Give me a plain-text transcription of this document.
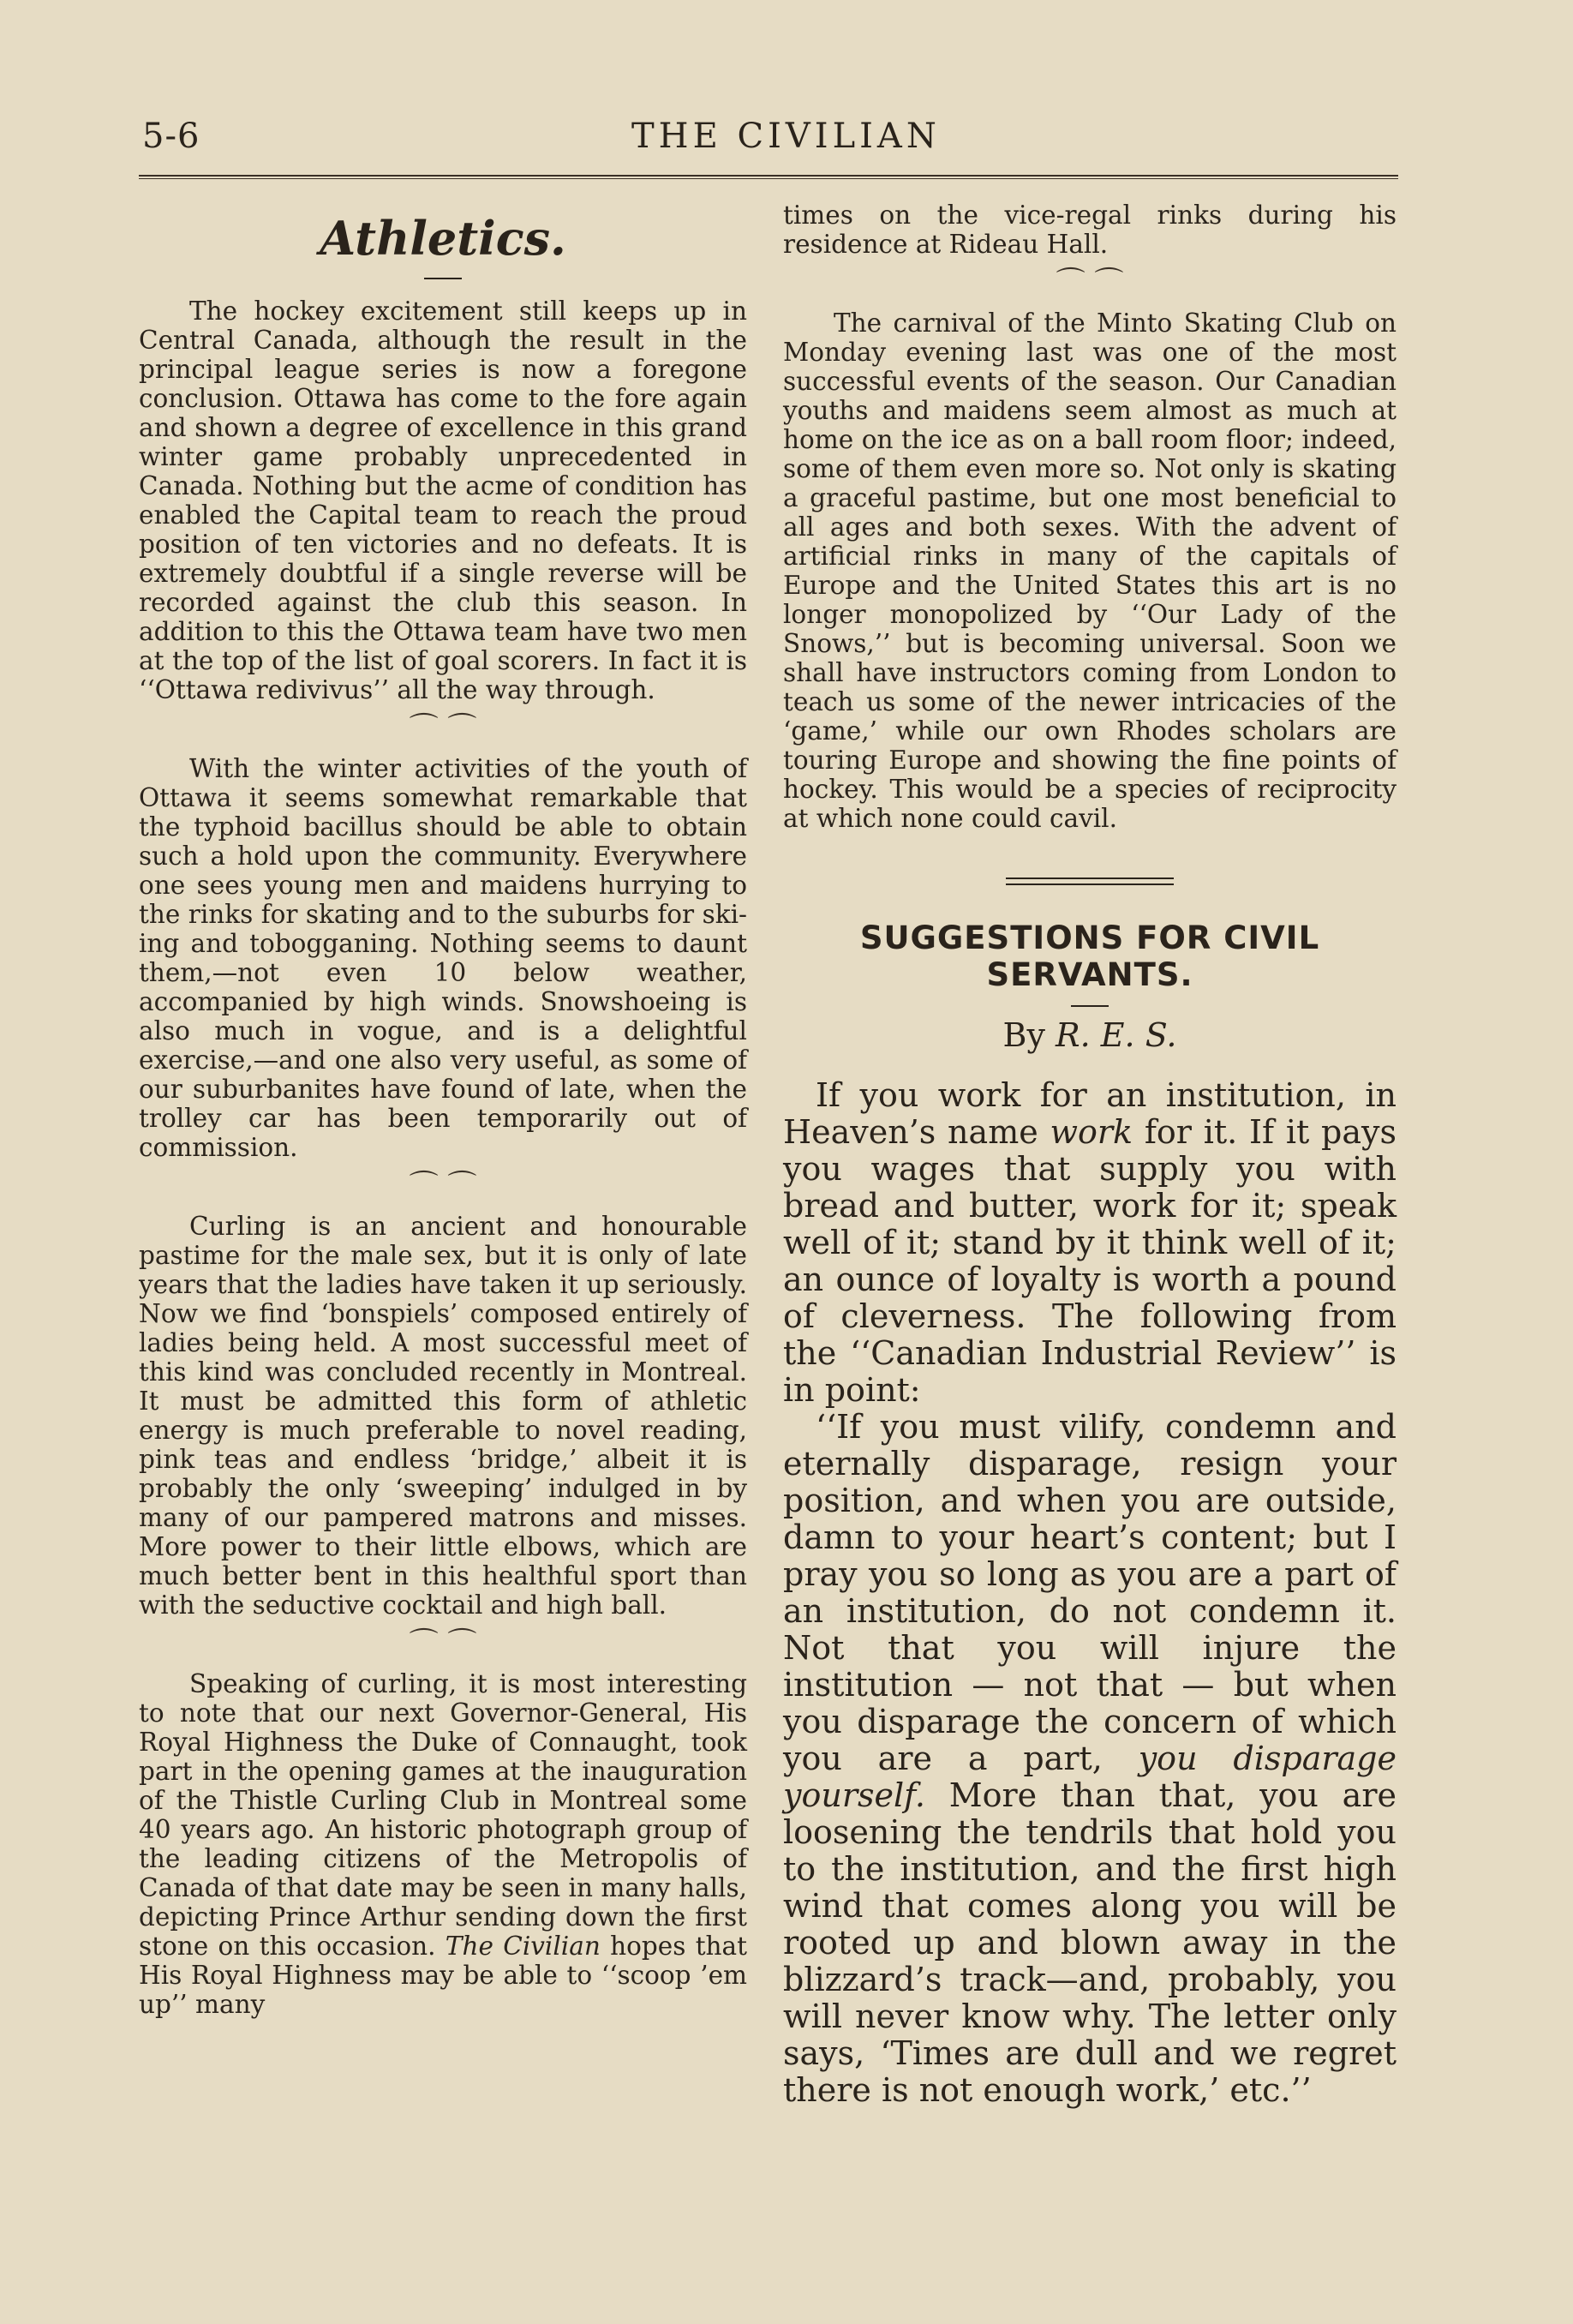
5-6	THE CIVILIAN
Athletics.

The hockey excitement still keeps up in Central Canada, although the result in the principal league series is now a foregone conclusion. Ottawa has come to the fore again and shown a degree of excellence in this grand winter game probably unprecedented in Canada. Nothing but the acme of condition has enabled the Capital team to reach the proud position of ten victories and no defeats. It is extremely doubtful if a single reverse will be recorded against the club this season. In addition to this the Ottawa team have two men at the top of the list of goal scorers. In fact it is ‘‘Ottawa redivivus’’ all the way through.

⌒ ⌒

With the winter activities of the youth of Ottawa it seems somewhat remarkable that the typhoid bacillus should be able to obtain such a hold upon the community. Everywhere one sees young men and maidens hurrying to the rinks for skating and to the suburbs for ski-ing and tobogganing. Nothing seems to daunt them,—not even 10 below weather, accompanied by high winds. Snowshoeing is also much in vogue, and is a delightful exercise,—and one also very useful, as some of our suburbanites have found of late, when the trolley car has been temporarily out of commission.

⌒ ⌒

Curling is an ancient and honourable pastime for the male sex, but it is only of late years that the ladies have taken it up seriously. Now we find ‘bonspiels’ composed entirely of ladies being held. A most successful meet of this kind was concluded recently in Montreal. It must be admitted this form of athletic energy is much preferable to novel reading, pink teas and endless ‘bridge,’ albeit it is probably the only ‘sweeping’ indulged in by many of our pampered matrons and misses. More power to their little elbows, which are much better bent in this healthful sport than with the seductive cocktail and high ball.

⌒ ⌒

Speaking of curling, it is most interesting to note that our next Governor-General, His Royal Highness the Duke of Connaught, took part in the opening games at the inauguration of the Thistle Curling Club in Montreal some 40 years ago. An historic photograph group of the leading citizens of the Metropolis of Canada of that date may be seen in many halls, depicting Prince Arthur sending down the first stone on this occasion. The Civilian hopes that His Royal Highness may be able to ‘‘scoop ’em up’’ many

times on the vice-regal rinks during his residence at Rideau Hall.

⌒ ⌒

The carnival of the Minto Skating Club on Monday evening last was one of the most successful events of the season. Our Canadian youths and maidens seem almost as much at home on the ice as on a ball room floor; indeed, some of them even more so. Not only is skating a graceful pastime, but one most beneficial to all ages and both sexes. With the advent of artificial rinks in many of the capitals of Europe and the United States this art is no longer monopolized by ‘‘Our Lady of the Snows,’’ but is becoming universal. Soon we shall have instructors coming from London to teach us some of the newer intricacies of the ‘game,’ while our own Rhodes scholars are touring Europe and showing the fine points of hockey. This would be a species of reciprocity at which none could cavil.

SUGGESTIONS FOR CIVIL SERVANTS.
By R. E. S.

If you work for an institution, in Heaven’s name work for it. If it pays you wages that supply you with bread and butter, work for it; speak well of it; stand by it think well of it; an ounce of loyalty is worth a pound of cleverness. The following from the ‘‘Canadian Industrial Review’’ is in point:

‘‘If you must vilify, condemn and eternally disparage, resign your position, and when you are outside, damn to your heart’s content; but I pray you so long as you are a part of an institution, do not condemn it. Not that you will injure the institution — not that — but when you disparage the concern of which you are a part, you disparage yourself. More than that, you are loosening the tendrils that hold you to the institution, and the first high wind that comes along you will be rooted up and blown away in the blizzard’s track—and, probably, you will never know why. The letter only says, ‘Times are dull and we regret there is not enough work,’ etc.’’
